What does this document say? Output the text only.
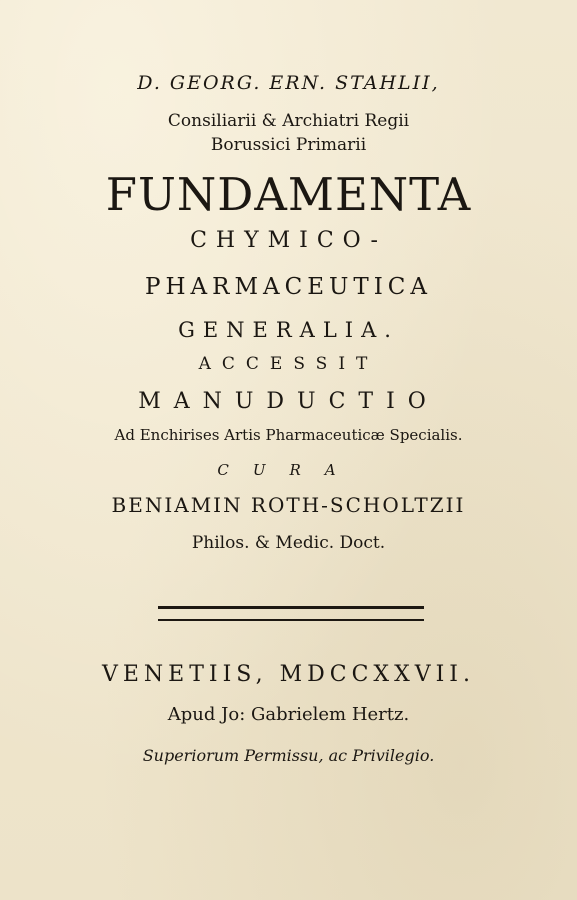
D. GEORG. ERN. STAHLII,
Consiliarii & Archiatri Regii
Borussici Primarii
FUNDAMENTA
CHYMICO-
PHARMACEUTICA
GENERALIA.
ACCESSIT
MANUDUCTIO
Ad Enchirises Artis Pharmaceuticæ Specialis.
CURA
BENIAMIN ROTH-SCHOLTZII
Philos. & Medic. Doct.
VENETIIS, MDCCXXVII.
Apud Jo: Gabrielem Hertz.
Superiorum Permissu, ac Privilegio.
